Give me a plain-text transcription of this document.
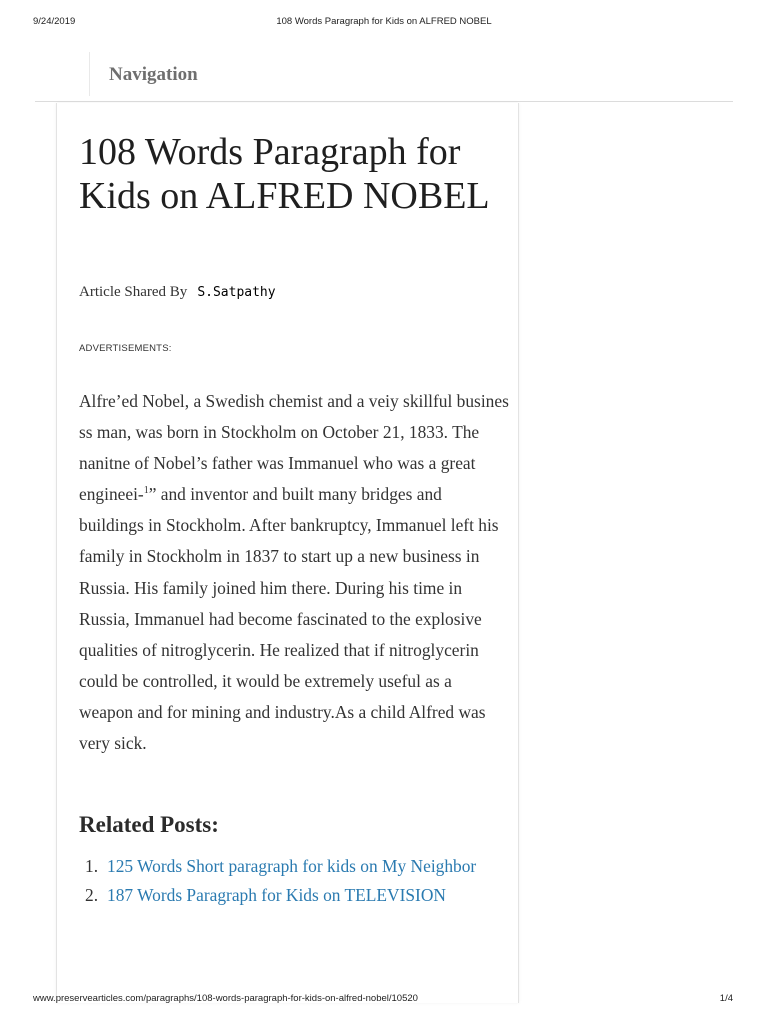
9/24/2019	108 Words Paragraph for Kids on ALFRED NOBEL
Navigation
108 Words Paragraph for Kids on ALFRED NOBEL
Article Shared By S.Satpathy
ADVERTISEMENTS:

Alfre’ed Nobel, a Swedish chemist and a veiy skillful busines ss man, was born in Stockholm on October 21, 1833. The nanitne of Nobel’s father was Immanuel who was a great engineei-$^1$” and inventor and built many bridges and buildings in Stockholm. After bankruptcy, Immanuel left his family in Stockholm in 1837 to start up a new business in Russia. His family joined him there. During his time in Russia, Immanuel had become fascinated to the explosive qualities of nitroglycerin. He realized that if nitroglycerin could be controlled, it would be extremely useful as a weapon and for mining and industry.As a child Alfred was very sick.

Related Posts:
1. 125 Words Short paragraph for kids on My Neighbor
2. 187 Words Paragraph for Kids on TELEVISION
www.preservearticles.com/paragraphs/108-words-paragraph-for-kids-on-alfred-nobel/10520	1/4
